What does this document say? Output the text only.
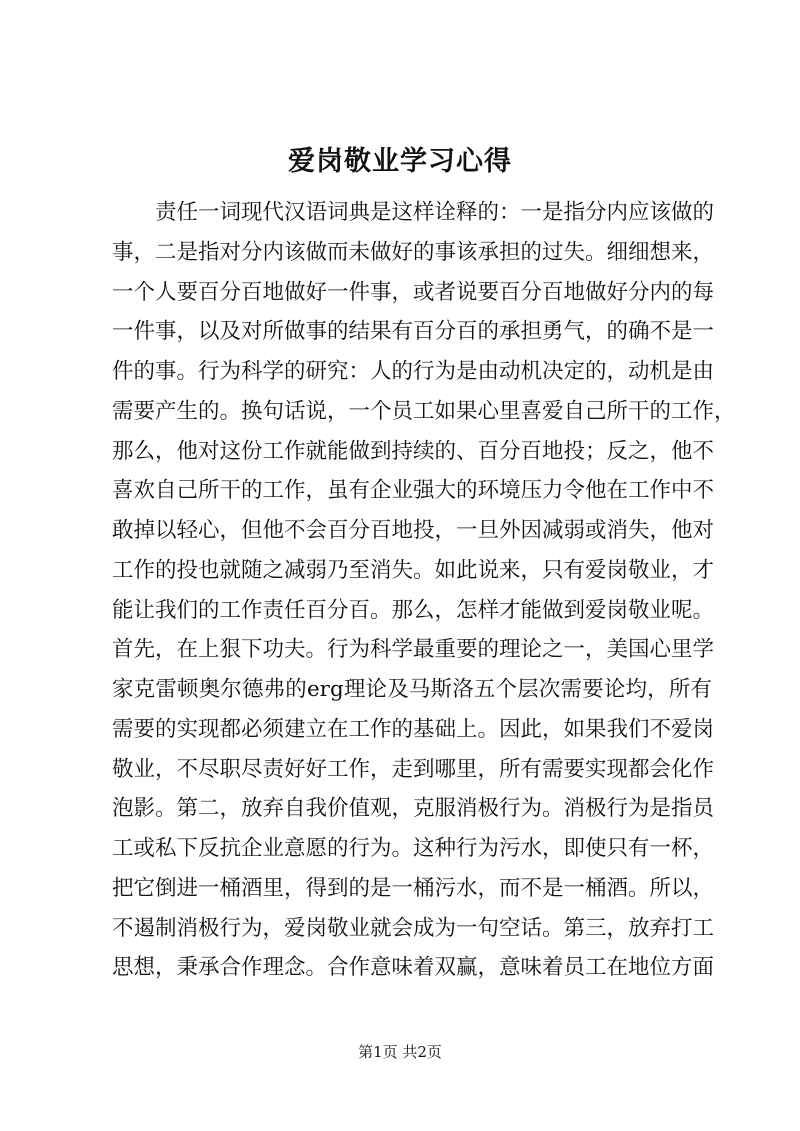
爱岗敬业学习心得
责任一词现代汉语词典是这样诠释的：一是指分内应该做的
事，二是指对分内该做而未做好的事该承担的过失。细细想来，
一个人要百分百地做好一件事，或者说要百分百地做好分内的每
一件事，以及对所做事的结果有百分百的承担勇气，的确不是一
件的事。行为科学的研究：人的行为是由动机决定的，动机是由
需要产生的。换句话说，一个员工如果心里喜爱自己所干的工作，
那么，他对这份工作就能做到持续的、百分百地投；反之，他不
喜欢自己所干的工作，虽有企业强大的环境压力令他在工作中不
敢掉以轻心，但他不会百分百地投，一旦外因减弱或消失，他对
工作的投也就随之减弱乃至消失。如此说来，只有爱岗敬业，才
能让我们的工作责任百分百。那么，怎样才能做到爱岗敬业呢。
首先，在上狠下功夫。行为科学最重要的理论之一，美国心里学
家克雷顿奥尔德弗的erg理论及马斯洛五个层次需要论均，所有
需要的实现都必须建立在工作的基础上。因此，如果我们不爱岗
敬业，不尽职尽责好好工作，走到哪里，所有需要实现都会化作
泡影。第二，放弃自我价值观，克服消极行为。消极行为是指员
工或私下反抗企业意愿的行为。这种行为污水，即使只有一杯，
把它倒进一桶酒里，得到的是一桶污水，而不是一桶酒。所以，
不遏制消极行为，爱岗敬业就会成为一句空话。第三，放弃打工
思想，秉承合作理念。合作意味着双赢，意味着员工在地位方面
第1页 共2页
